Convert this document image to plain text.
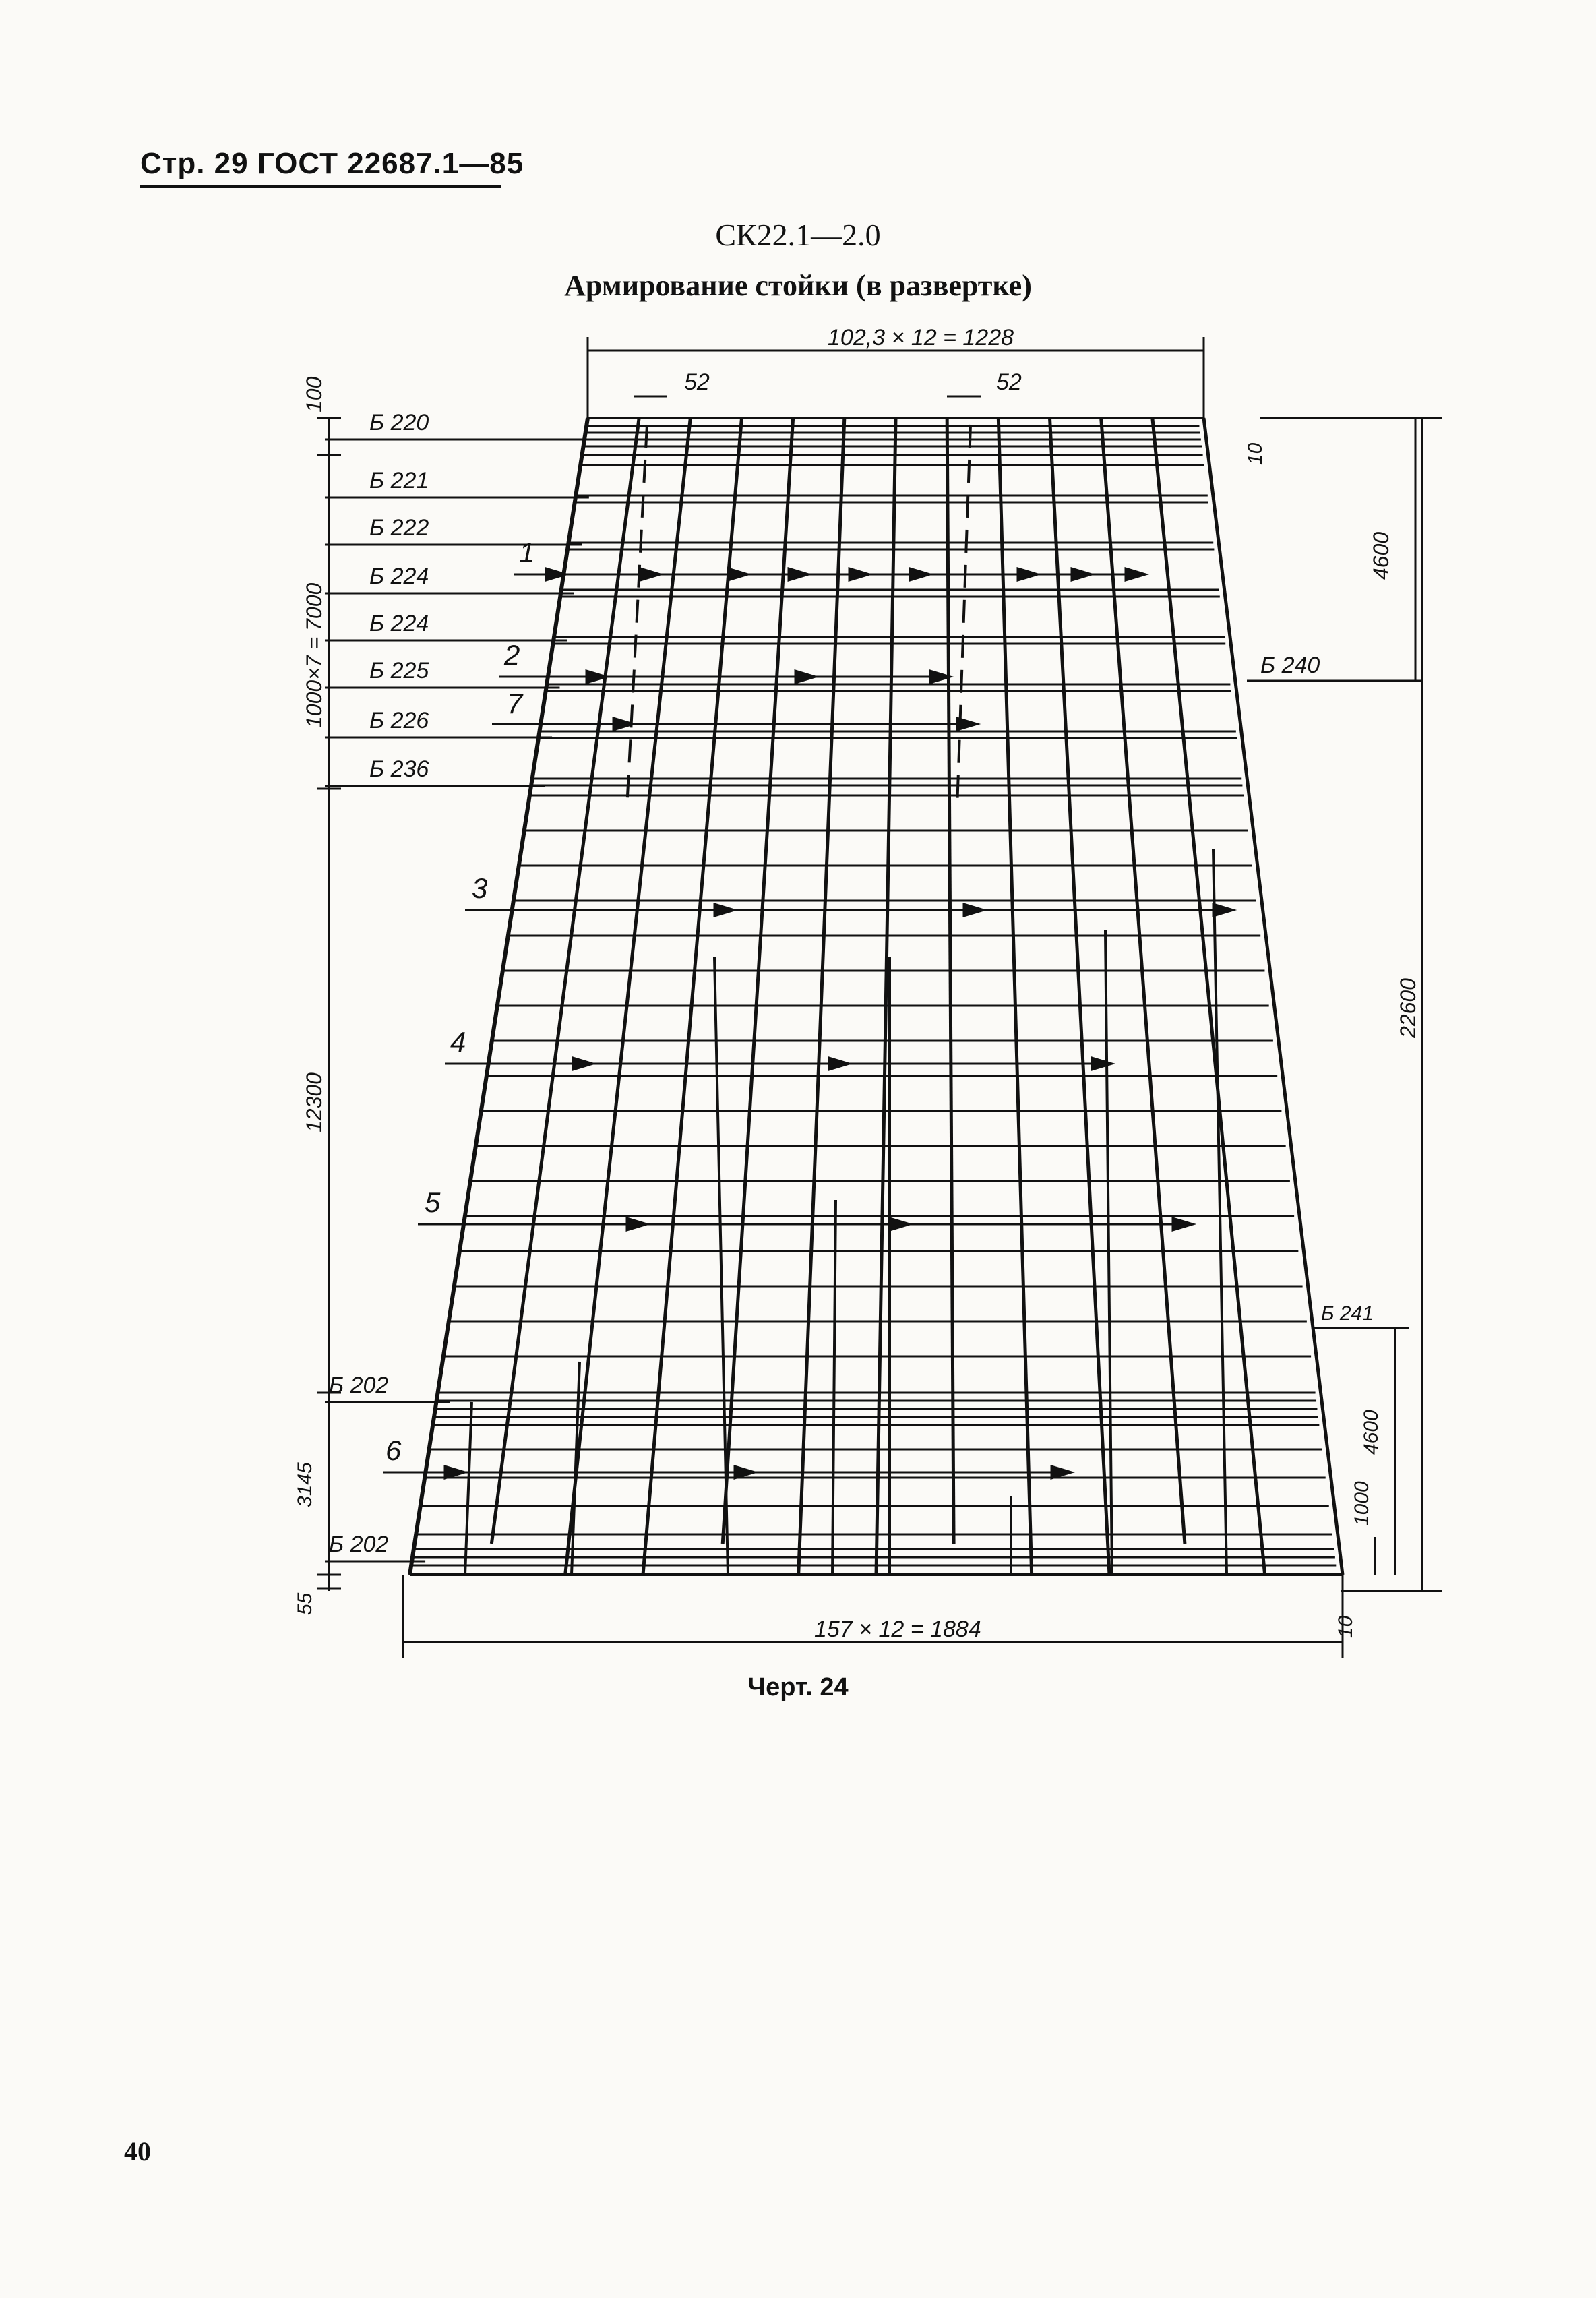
Стр. 29 ГОСТ 22687.1—85
СК22.1—2.0
Армирование стойки (в развертке)
Б 220
Б 221
Б 222
Б 224
Б 224
Б 225
Б 226
Б 236
Б 202
Б 202
Б 240
Б 241
1
2
7
3
4
5
6
102,3 × 12 = 1228
52	52
157 × 12 = 1884
100
1000×7 = 7000
12300
3145
55
10
4600
22600
4600
1000
10
Черт. 24
40
